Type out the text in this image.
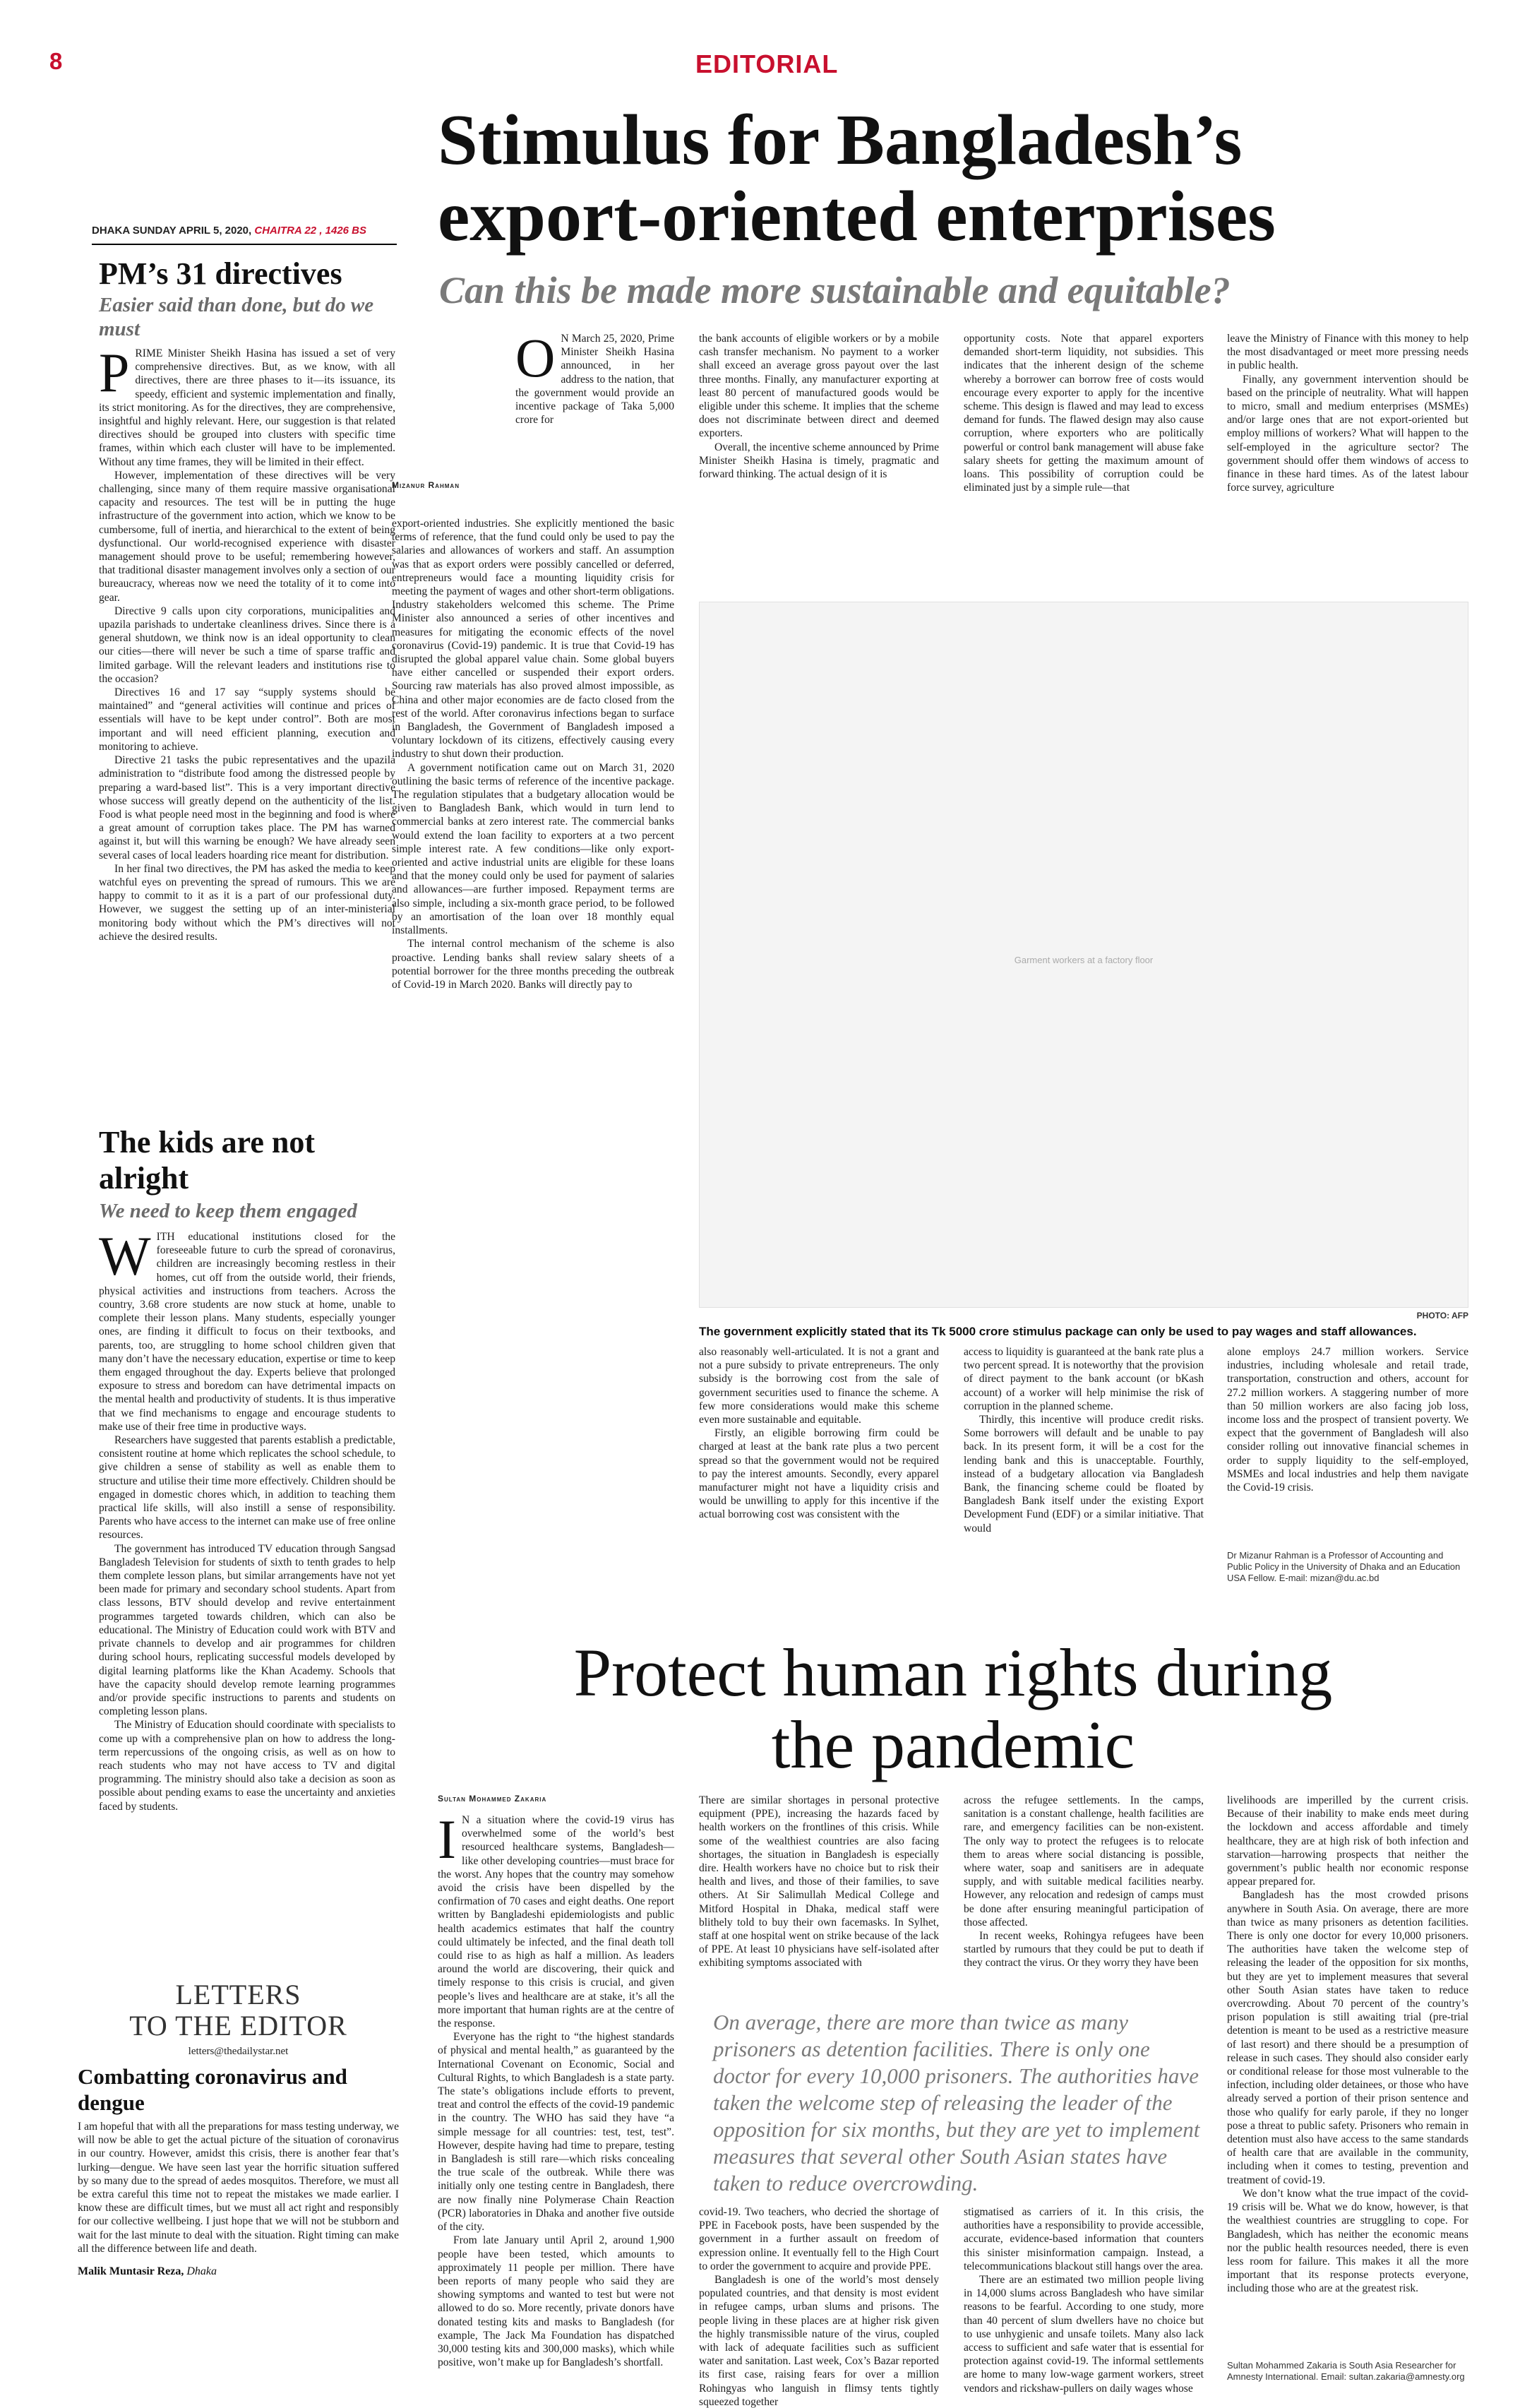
8	EDITORIAL
DHAKA SUNDAY APRIL 5, 2020, CHAITRA 22 , 1426 BS
PM’s 31 directives
Easier said than done, but do we must

PRIME Minister Sheikh Hasina has issued a set of very comprehensive directives. But, as we know, with all directives, there are three phases to it—its issuance, its speedy, efficient and systemic implementation and finally, its strict monitoring. As for the directives, they are comprehensive, insightful and highly relevant. Here, our suggestion is that related directives should be grouped into clusters with specific time frames, within which each cluster will have to be implemented. Without any time frames, they will be limited in their effect.

However, implementation of these directives will be very challenging, since many of them require massive organisational capacity and resources. The test will be in putting the huge infrastructure of the government into action, which we know to be cumbersome, full of inertia, and hierarchical to the extent of being dysfunctional. Our world-recognised experience with disaster management should prove to be useful; remembering however, that traditional disaster management involves only a section of our bureaucracy, whereas now we need the totality of it to come into gear.

Directive 9 calls upon city corporations, municipalities and upazila parishads to undertake cleanliness drives. Since there is a general shutdown, we think now is an ideal opportunity to clean our cities—there will never be such a time of sparse traffic and limited garbage. Will the relevant leaders and institutions rise to the occasion?

Directives 16 and 17 say “supply systems should be maintained” and “general activities will continue and prices of essentials will have to be kept under control”. Both are most important and will need efficient planning, execution and monitoring to achieve.

Directive 21 tasks the pubic representatives and the upazila administration to “distribute food among the distressed people by preparing a ward-based list”. This is a very important directive whose success will greatly depend on the authenticity of the list. Food is what people need most in the beginning and food is where a great amount of corruption takes place. The PM has warned against it, but will this warning be enough? We have already seen several cases of local leaders hoarding rice meant for distribution.

In her final two directives, the PM has asked the media to keep watchful eyes on preventing the spread of rumours. This we are happy to commit to it as it is a part of our professional duty. However, we suggest the setting up of an inter-ministerial monitoring body without which the PM’s directives will not achieve the desired results.

The kids are not alright
We need to keep them engaged

WITH educational institutions closed for the foreseeable future to curb the spread of coronavirus, children are increasingly becoming restless in their homes, cut off from the outside world, their friends, physical activities and instructions from teachers. Across the country, 3.68 crore students are now stuck at home, unable to complete their lesson plans. Many students, especially younger ones, are finding it difficult to focus on their textbooks, and parents, too, are struggling to home school children given that many don’t have the necessary education, expertise or time to keep them engaged throughout the day. Experts believe that prolonged exposure to stress and boredom can have detrimental impacts on the mental health and productivity of students. It is thus imperative that we find mechanisms to engage and encourage students to make use of their free time in productive ways.

Researchers have suggested that parents establish a predictable, consistent routine at home which replicates the school schedule, to give children a sense of stability as well as enable them to structure and utilise their time more effectively. Children should be engaged in domestic chores which, in addition to teaching them practical life skills, will also instill a sense of responsibility. Parents who have access to the internet can make use of free online resources.

The government has introduced TV education through Sangsad Bangladesh Television for students of sixth to tenth grades to help them complete lesson plans, but similar arrangements have not yet been made for primary and secondary school students. Apart from class lessons, BTV should develop and revive entertainment programmes targeted towards children, which can also be educational. The Ministry of Education could work with BTV and private channels to develop and air programmes for children during school hours, replicating successful models developed by digital learning platforms like the Khan Academy. Schools that have the capacity should develop remote learning programmes and/or provide specific instructions to parents and students on completing lesson plans.

The Ministry of Education should coordinate with specialists to come up with a comprehensive plan on how to address the long-term repercussions of the ongoing crisis, as well as on how to reach students who may not have access to TV and digital programming. The ministry should also take a decision as soon as possible about pending exams to ease the uncertainty and anxieties faced by students.

LETTERS
TO THE EDITOR
letters@thedailystar.net
Combatting coronavirus and dengue

I am hopeful that with all the preparations for mass testing underway, we will now be able to get the actual picture of the situation of coronavirus in our country. However, amidst this crisis, there is another fear that’s lurking—dengue. We have seen last year the horrific situation suffered by so many due to the spread of aedes mosquitos. Therefore, we must all be extra careful this time not to repeat the mistakes we made earlier. I know these are difficult times, but we must all act right and responsibly for our collective wellbeing. I just hope that we will not be stubborn and wait for the last minute to deal with the situation. Right timing can make all the difference between life and death.

Malik Muntasir Reza, Dhaka
Stimulus for Bangladesh’s
export-oriented enterprises
Can this be made more sustainable and equitable?
Mizanur Rahman
O N March 25, 2020, Prime Minister Sheikh Hasina announced, in her address to the nation, that the government would provide an incentive package of Taka 5,000 crore for

export-oriented industries. She explicitly mentioned the basic terms of reference, that the fund could only be used to pay the salaries and allowances of workers and staff. An assumption was that as export orders were possibly cancelled or deferred, entrepreneurs would face a mounting liquidity crisis for meeting the payment of wages and other short-term obligations. Industry stakeholders welcomed this scheme. The Prime Minister also announced a series of other incentives and measures for mitigating the economic effects of the novel coronavirus (Covid-19) pandemic. It is true that Covid-19 has disrupted the global apparel value chain. Some global buyers have either cancelled or suspended their export orders. Sourcing raw materials has also proved almost impossible, as China and other major economies are de facto closed from the rest of the world. After coronavirus infections began to surface in Bangladesh, the Government of Bangladesh imposed a voluntary lockdown of its citizens, effectively causing every industry to shut down their production.

A government notification came out on March 31, 2020 outlining the basic terms of reference of the incentive package. The regulation stipulates that a budgetary allocation would be given to Bangladesh Bank, which would in turn lend to commercial banks at zero interest rate. The commercial banks would extend the loan facility to exporters at a two percent simple interest rate. A few conditions—like only export-oriented and active industrial units are eligible for these loans and that the money could only be used for payment of salaries and allowances—are further imposed. Repayment terms are also simple, including a six-month grace period, to be followed by an amortisation of the loan over 18 monthly equal installments.

The internal control mechanism of the scheme is also proactive. Lending banks shall review salary sheets of a potential borrower for the three months preceding the outbreak of Covid-19 in March 2020. Banks will directly pay to

the bank accounts of eligible workers or by a mobile cash transfer mechanism. No payment to a worker shall exceed an average gross payout over the last three months. Finally, any manufacturer exporting at least 80 percent of manufactured goods would be eligible under this scheme. It implies that the scheme does not discriminate between direct and deemed exporters.

Overall, the incentive scheme announced by Prime Minister Sheikh Hasina is timely, pragmatic and forward thinking. The actual design of it is

opportunity costs. Note that apparel exporters demanded short-term liquidity, not subsidies. This indicates that the inherent design of the scheme whereby a borrower can borrow free of costs would encourage every exporter to apply for the incentive scheme. This design is flawed and may lead to excess demand for funds. The flawed design may also cause corruption, where exporters who are politically powerful or control bank management will abuse fake salary sheets for getting the maximum amount of loans. This possibility of corruption could be eliminated just by a simple rule—that

leave the Ministry of Finance with this money to help the most disadvantaged or meet more pressing needs in public health.

Finally, any government intervention should be based on the principle of neutrality. What will happen to micro, small and medium enterprises (MSMEs) and/or large ones that are not export-oriented but employ millions of workers? What will happen to the self-employed in the agriculture sector? The government should offer them windows of access to finance in these hard times. As of the latest labour force survey, agriculture

Garment workers at a factory floor
PHOTO: AFP
The government explicitly stated that its Tk 5000 crore stimulus package can only be used to pay wages and staff allowances.

also reasonably well-articulated. It is not a grant and not a pure subsidy to private entrepreneurs. The only subsidy is the borrowing cost from the sale of government securities used to finance the scheme. A few more considerations would make this scheme even more sustainable and equitable.

Firstly, an eligible borrowing firm could be charged at least at the bank rate plus a two percent spread so that the government would not be required to pay the interest amounts. Secondly, every apparel manufacturer might not have a liquidity crisis and would be unwilling to apply for this incentive if the actual borrowing cost was consistent with the

access to liquidity is guaranteed at the bank rate plus a two percent spread. It is noteworthy that the provision of direct payment to the bank account (or bKash account) of a worker will help minimise the risk of corruption in the planned scheme.

Thirdly, this incentive will produce credit risks. Some borrowers will default and be unable to pay back. In its present form, it will be a cost for the lending bank and this is unacceptable. Fourthly, instead of a budgetary allocation via Bangladesh Bank, the financing scheme could be floated by Bangladesh Bank itself under the existing Export Development Fund (EDF) or a similar initiative. That would

alone employs 24.7 million workers. Service industries, including wholesale and retail trade, transportation, construction and others, account for 27.2 million workers. A staggering number of more than 50 million workers are also facing job loss, income loss and the prospect of transient poverty. We expect that the government of Bangladesh will also consider rolling out innovative financial schemes in order to supply liquidity to the self-employed, MSMEs and local industries and help them navigate the Covid-19 crisis.

Dr Mizanur Rahman is a Professor of Accounting and Public Policy in the University of Dhaka and an Education USA Fellow. E-mail: mizan@du.ac.bd
Protect human rights during
the pandemic
Sultan Mohammed Zakaria

I N a situation where the covid-19 virus has overwhelmed some of the world’s best resourced healthcare systems, Bangladesh—like other developing countries—must brace for the worst. Any hopes that the country may somehow avoid the crisis have been dispelled by the confirmation of 70 cases and eight deaths. One report written by Bangladeshi epidemiologists and public health academics estimates that half the country could ultimately be infected, and the final death toll could rise to as high as half a million. As leaders around the world are discovering, their quick and timely response to this crisis is crucial, and given people’s lives and healthcare are at stake, it’s all the more important that human rights are at the centre of the response.

Everyone has the right to “the highest standards of physical and mental health,” as guaranteed by the International Covenant on Economic, Social and Cultural Rights, to which Bangladesh is a state party. The state’s obligations include efforts to prevent, treat and control the effects of the covid-19 pandemic in the country. The WHO has said they have “a simple message for all countries: test, test, test”. However, despite having had time to prepare, testing in Bangladesh is still rare—which risks concealing the true scale of the outbreak. While there was initially only one testing centre in Bangladesh, there are now finally nine Polymerase Chain Reaction (PCR) laboratories in Dhaka and another five outside of the city.

From late January until April 2, around 1,900 people have been tested, which amounts to approximately 11 people per million. There have been reports of many people who said they are showing symptoms and wanted to test but were not allowed to do so. More recently, private donors have donated testing kits and masks to Bangladesh (for example, The Jack Ma Foundation has dispatched 30,000 testing kits and 300,000 masks), which while positive, won’t make up for Bangladesh’s shortfall.

There are similar shortages in personal protective equipment (PPE), increasing the hazards faced by health workers on the frontlines of this crisis. While some of the wealthiest countries are also facing shortages, the situation in Bangladesh is especially dire. Health workers have no choice but to risk their health and lives, and those of their families, to save others. At Sir Salimullah Medical College and Mitford Hospital in Dhaka, medical staff were blithely told to buy their own facemasks. In Sylhet, staff at one hospital went on strike because of the lack of PPE. At least 10 physicians have self-isolated after exhibiting symptoms associated with

across the refugee settlements. In the camps, sanitation is a constant challenge, health facilities are rare, and emergency facilities can be non-existent. The only way to protect the refugees is to relocate them to areas where social distancing is possible, where water, soap and sanitisers are in adequate supply, and with suitable medical facilities nearby. However, any relocation and redesign of camps must be done after ensuring meaningful participation of those affected.

In recent weeks, Rohingya refugees have been startled by rumours that they could be put to death if they contract the virus. Or they worry they have been

livelihoods are imperilled by the current crisis. Because of their inability to make ends meet during the lockdown and access affordable and timely healthcare, they are at high risk of both infection and starvation—harrowing prospects that neither the government’s public health nor economic response appear prepared for.

Bangladesh has the most crowded prisons anywhere in South Asia. On average, there are more than twice as many prisoners as detention facilities. There is only one doctor for every 10,000 prisoners. The authorities have taken the welcome step of releasing the leader of the opposition for six months, but they are yet to implement measures that several other South Asian states have taken to reduce overcrowding. About 70 percent of the country’s prison population is still awaiting trial (pre-trial detention is meant to be used as a restrictive measure of last resort) and there should be a presumption of release in such cases. They should also consider early or conditional release for those most vulnerable to the infection, including older detainees, or those who have already served a portion of their prison sentence and those who qualify for early parole, if they no longer pose a threat to public safety. Prisoners who remain in detention must also have access to the same standards of health care that are available in the community, including when it comes to testing, prevention and treatment of covid-19.

We don’t know what the true impact of the covid-19 crisis will be. What we do know, however, is that the wealthiest countries are struggling to cope. For Bangladesh, which has neither the economic means nor the public health resources needed, there is even less room for failure. This makes it all the more important that its response protects everyone, including those who are at the greatest risk.

On average, there are more than twice as many prisoners as detention facilities. There is only one doctor for every 10,000 prisoners. The authorities have taken the welcome step of releasing the leader of the opposition for six months, but they are yet to implement measures that several other South Asian states have taken to reduce overcrowding.

covid-19. Two teachers, who decried the shortage of PPE in Facebook posts, have been suspended by the government in a further assault on freedom of expression online. It eventually fell to the High Court to order the government to acquire and provide PPE.

Bangladesh is one of the world’s most densely populated countries, and that density is most evident in refugee camps, urban slums and prisons. The people living in these places are at higher risk given the highly transmissible nature of the virus, coupled with lack of adequate facilities such as sufficient water and sanitation. Last week, Cox’s Bazar reported its first case, raising fears for over a million Rohingyas who languish in flimsy tents tightly squeezed together

stigmatised as carriers of it. In this crisis, the authorities have a responsibility to provide accessible, accurate, evidence-based information that counters this sinister misinformation campaign. Instead, a telecommunications blackout still hangs over the area.

There are an estimated two million people living in 14,000 slums across Bangladesh who have similar reasons to be fearful. According to one study, more than 40 percent of slum dwellers have no choice but to use unhygienic and unsafe toilets. Many also lack access to sufficient and safe water that is essential for protection against covid-19. The informal settlements are home to many low-wage garment workers, street vendors and rickshaw-pullers on daily wages whose

Sultan Mohammed Zakaria is South Asia Researcher for Amnesty International. Email: sultan.zakaria@amnesty.org
